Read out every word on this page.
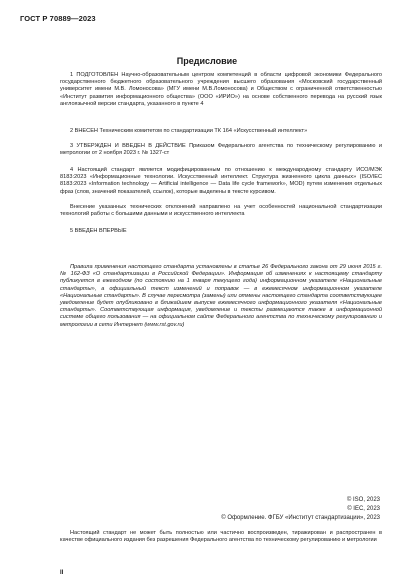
ГОСТ Р 70889—2023
Предисловие

1 ПОДГОТОВЛЕН Научно-образовательным центром компетенций в области цифровой экономики Федерального государственного бюджетного образовательного учреждения высшего образования «Московский государственный университет имени М.В. Ломоносова» (МГУ имени М.В.Ломоносова) и Обществом с ограниченной ответственностью «Институт развития информационного общества» (ООО «ИРИО») на основе собственного перевода на русский язык англоязычной версии стандарта, указанного в пункте 4

2 ВНЕСЕН Техническим комитетом по стандартизации ТК 164 «Искусственный интеллект»

3 УТВЕРЖДЕН И ВВЕДЕН В ДЕЙСТВИЕ Приказом Федерального агентства по техническому регулированию и метрологии от 2 ноября 2023 г. № 1327-ст

4 Настоящий стандарт является модифицированным по отношению к международному стандарту ИСО/МЭК 8183:2023 «Информационные технологии. Искусственный интеллект. Структура жизненного цикла данных» (ISO/IEC 8183:2023 «Information technology — Artificial intelligence — Data life cycle framework», MOD) путем изменения отдельных фраз (слов, значений показателей, ссылок), которые выделены в тексте курсивом.

Внесение указанных технических отклонений направлено на учет особенностей национальной стандартизации технологий работы с большими данными и искусственного интеллекта

5 ВВЕДЕН ВПЕРВЫЕ

Правила применения настоящего стандарта установлены в статье 26 Федерального закона от 29 июня 2015 г. № 162-ФЗ «О стандартизации в Российской Федерации». Информация об изменениях к настоящему стандарту публикуется в ежегодном (по состоянию на 1 января текущего года) информационном указателе «Национальные стандарты», а официальный текст изменений и поправок — в ежемесячном информационном указателе «Национальные стандарты». В случае пересмотра (замены) или отмены настоящего стандарта соответствующее уведомление будет опубликовано в ближайшем выпуске ежемесячного информационного указателя «Национальные стандарты». Соответствующая информация, уведомление и тексты размещаются также в информационной системе общего пользования — на официальном сайте Федерального агентства по техническому регулированию и метрологии в сети Интернет (www.rst.gov.ru)

© ISO, 2023
© IEC, 2023
© Оформление. ФГБУ «Институт стандартизации», 2023

Настоящий стандарт не может быть полностью или частично воспроизведен, тиражирован и распространен в качестве официального издания без разрешения Федерального агентства по техническому регулированию и метрологии

II
